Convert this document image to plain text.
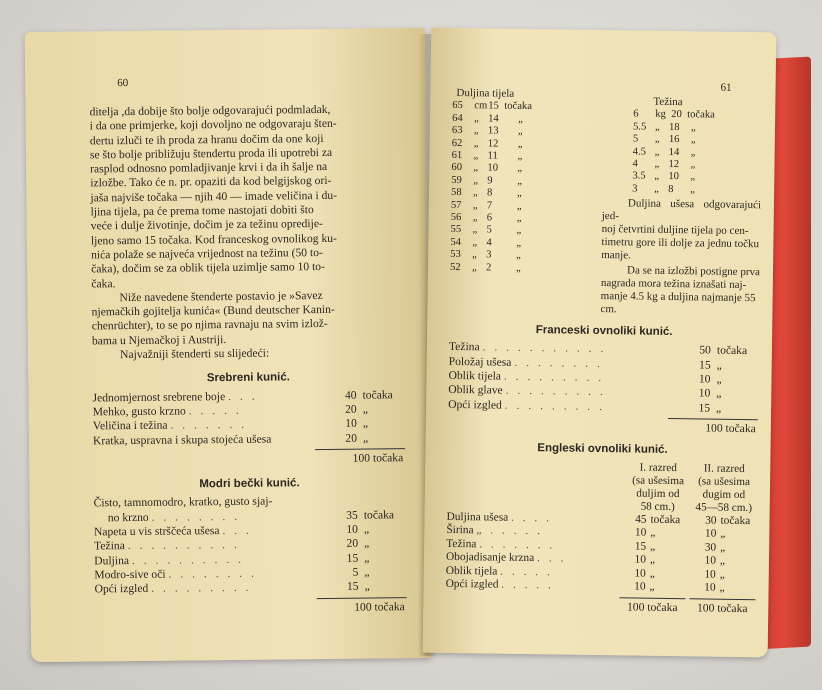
60

ditelja ,da dobije što bolje odgovarajući podmladak,

i da one primjerke, koji dovoljno ne odgovaraju šten-

dertu izluči te ih proda za hranu dočim da one koji

se što bolje približuju štendertu proda ili upotrebi za

rasplod odnosno pomladjivanje krvi i da ih šalje na

izložbe. Tako će n. pr. opaziti da kod belgijskog ori-

jaša najviše točaka — njih 40 — imade veličina i du-

ljina tijela, pa će prema tome nastojati dobiti što

veće i dulje životinje, dočim je za težinu opredije-

ljeno samo 15 točaka. Kod franceskog ovnolikog ku-

nića polaže se najveća vrijednost na težinu (50 to-

čaka), dočim se za oblik tijela uzimlje samo 10 to-

čaka.

Niže navedene štenderte postavio je »Savez

njemačkih gojitelja kunića« (Bund deutscher Kanin-

chenrüchter), to se po njima ravnaju na svim izlož-

bama u Njemačkoj i Austriji.

Najvažniji štenderti su slijedeći:

Srebreni kunić.
Jednomjernost srebrene boje . . .	40 točaka
Mehko, gusto krzno . . . . .	20 „
Veličina i težina . . . . . . .	10 „
Kratka, uspravna i skupa stojeća ušesa	20 „
100 točaka
Modri bečki kunić.
Čisto, tamnomodro, kratko, gusto sjaj-
no krzno . . . . . . . .	35 točaka
Napeta u vis strščeća ušesa . . .	10 „
Težina . . . . . . . . . .	20 „
Duljina . . . . . . . . . .	15 „
Modro-sive oči . . . . . . . .	5 „
Opći izgled . . . . . . . . .	15 „
100 točaka
61
Duljina tijela
65	cm 15 točaka
64	„ 14	„
63	„ 13	„
62	„ 12	„
61	„ 11	„
60	„ 10	„
59	„ 9	„
58	„ 8	„
57	„ 7	„
56	„ 6	„
55	„ 5	„
54	„ 4	„
53	„ 3	„
52	„ 2	„
Težina
6	kg 20 točaka
5.5 „ 18	„
5	„ 16	„
4.5 „ 14	„
4	„ 12	„
3.5 „ 10	„
3	„ 8	„

Duljina ušesa odgovarajući jed-

noj četvrtini duljine tijela po cen-

timetru gore ili dolje za jednu točku

manje.

Da se na izložbi postigne prva

nagrada mora težina iznašati naj-

manje 4.5 kg a duljina najmanje 55

cm.

Franceski ovnoliki kunić.
Težina . . . . . . . . . . .	50 točaka
Položaj ušesa . . . . . . . .	15 „
Oblik tijela . . . . . . . . .	10 „
Oblik glave . . . . . . . . .	10 „
Opći izgled . . . . . . . . .	15 „
100 točaka
Engleski ovnoliki kunić.
I. razred
(sa ušesima
duljim od
58 cm.)
II. razred
(sa ušesima
dugim od
45—58 cm.)
Duljina ušesa . . . .	45 točaka	30 točaka
Širina „ . . . . .	10 „	10 „
Težina . . . . . . .	15 „	30 „
Obojadisanje krzna . . .	10 „	10 „
Oblik tijela . . . . .	10 „	10 „
Opći izgled . . . . .	10 „	10 „
100 točaka	100 točaka
